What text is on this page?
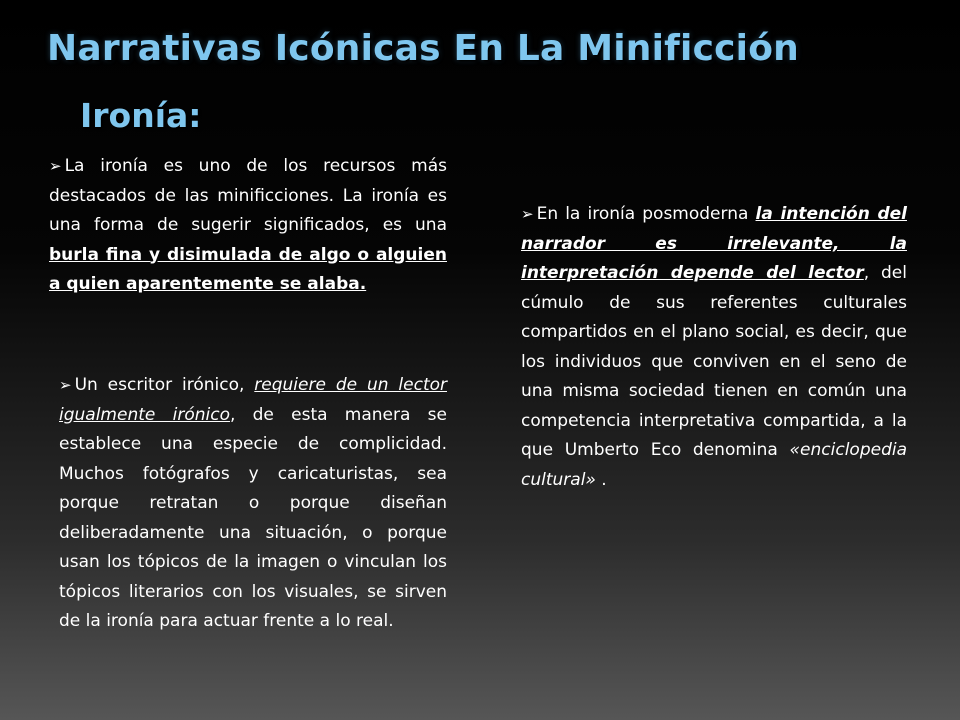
Narrativas Icónicas En La Minificción
Ironía:

➢ La ironía es uno de los recursos más destacados de las minificciones. La ironía es una forma de sugerir significados, es una burla fina y disimulada de algo o alguien a quien aparentemente se alaba.

➢ Un escritor irónico, requiere de un lector igualmente irónico, de esta manera se establece una especie de complicidad. Muchos fotógrafos y caricaturistas, sea porque retratan o porque diseñan deliberadamente una situación, o porque usan los tópicos de la imagen o vinculan los tópicos literarios con los visuales, se sirven de la ironía para actuar frente a lo real.

➢ En la ironía posmoderna la intención del narrador es irrelevante, la interpretación depende del lector, del cúmulo de sus referentes culturales compartidos en el plano social, es decir, que los individuos que conviven en el seno de una misma sociedad tienen en común una competencia interpretativa compartida, a la que Umberto Eco denomina «enciclopedia cultural» .
